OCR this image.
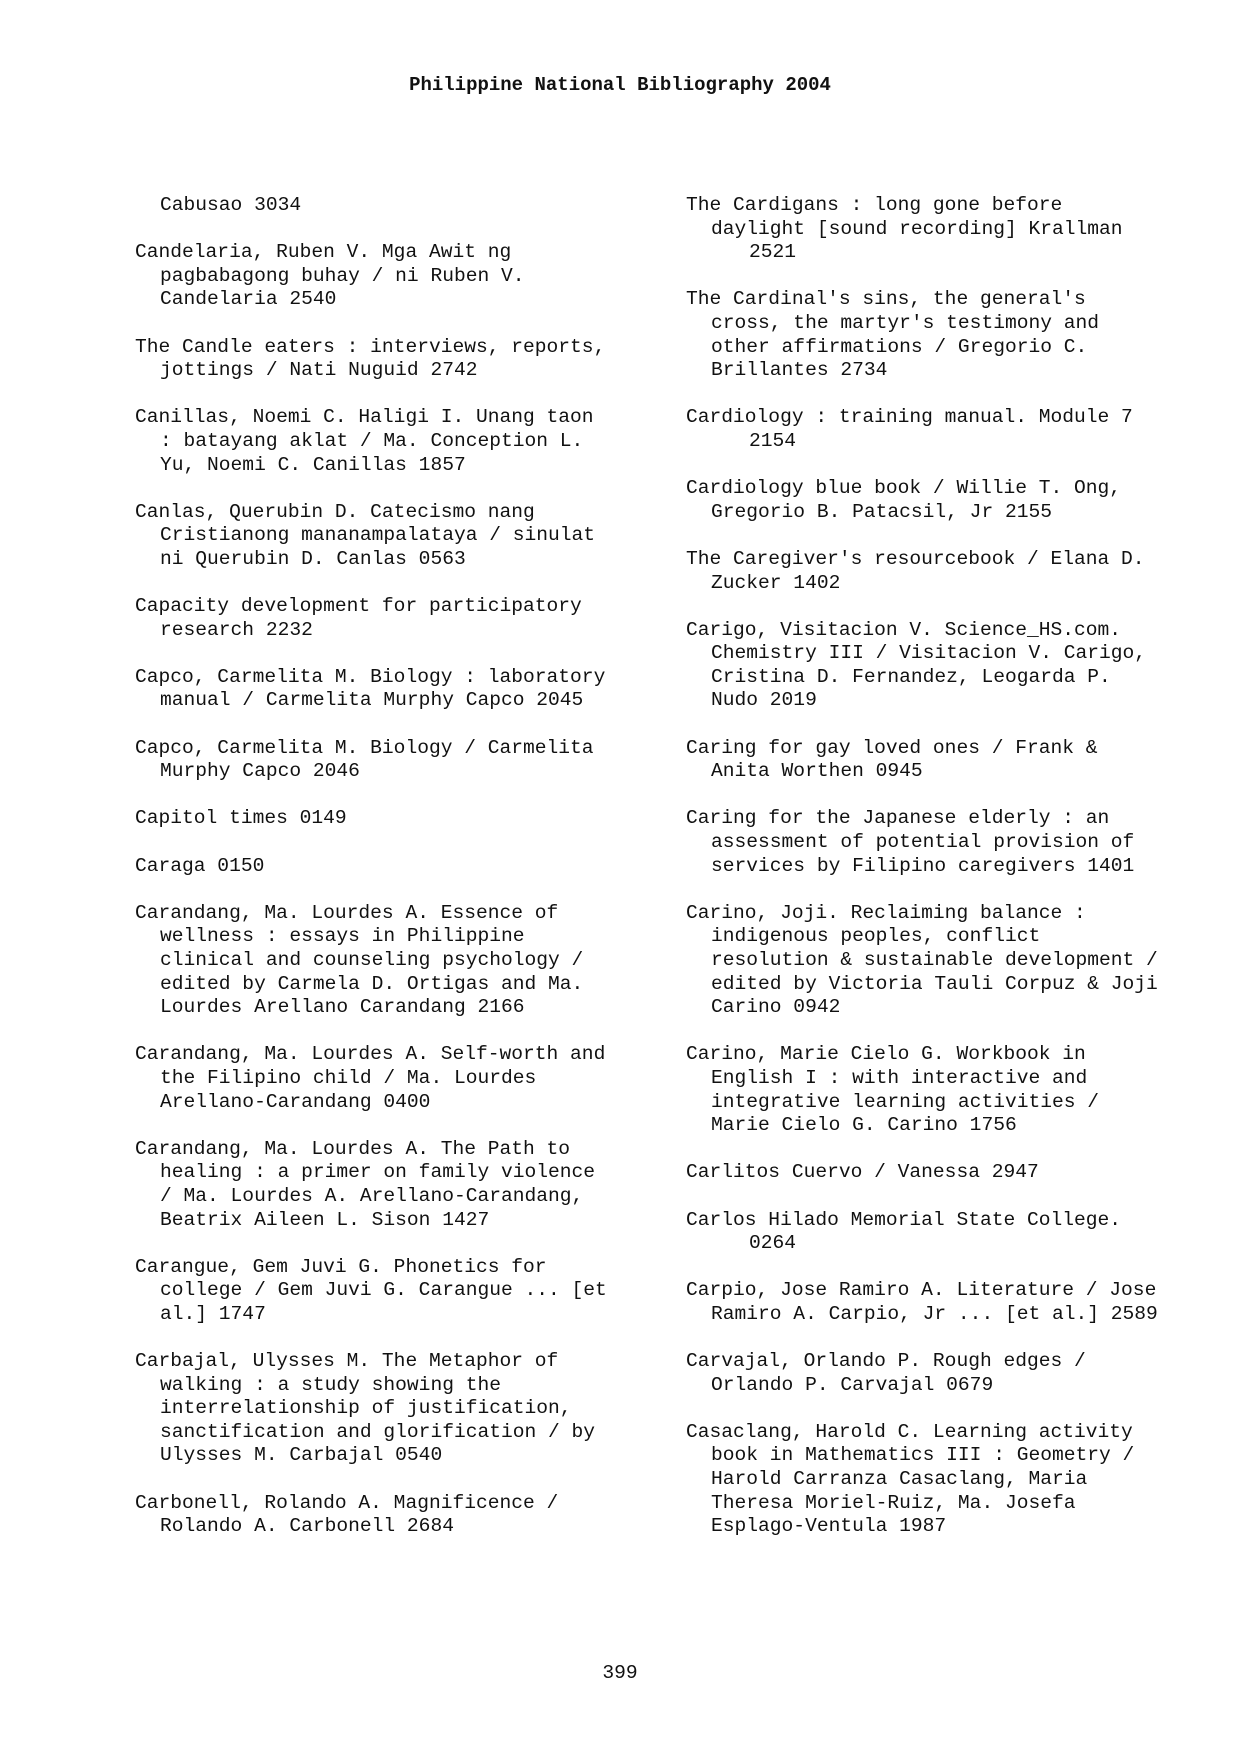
Philippine National Bibliography 2004
Cabusao 3034
Candelaria, Ruben V. Mga Awit ng
pagbabagong buhay / ni Ruben V.
Candelaria 2540
The Candle eaters : interviews, reports,
jottings / Nati Nuguid 2742
Canillas, Noemi C. Haligi I. Unang taon
: batayang aklat / Ma. Conception L.
Yu, Noemi C. Canillas 1857
Canlas, Querubin D. Catecismo nang
Cristianong mananampalataya / sinulat
ni Querubin D. Canlas 0563
Capacity development for participatory
research 2232
Capco, Carmelita M. Biology : laboratory
manual / Carmelita Murphy Capco 2045
Capco, Carmelita M. Biology / Carmelita
Murphy Capco 2046
Capitol times 0149
Caraga 0150
Carandang, Ma. Lourdes A. Essence of
wellness : essays in Philippine
clinical and counseling psychology /
edited by Carmela D. Ortigas and Ma.
Lourdes Arellano Carandang 2166
Carandang, Ma. Lourdes A. Self-worth and
the Filipino child / Ma. Lourdes
Arellano-Carandang 0400
Carandang, Ma. Lourdes A. The Path to
healing : a primer on family violence
/ Ma. Lourdes A. Arellano-Carandang,
Beatrix Aileen L. Sison 1427
Carangue, Gem Juvi G. Phonetics for
college / Gem Juvi G. Carangue ... [et
al.] 1747
Carbajal, Ulysses M. The Metaphor of
walking : a study showing the
interrelationship of justification,
sanctification and glorification / by
Ulysses M. Carbajal 0540
Carbonell, Rolando A. Magnificence /
Rolando A. Carbonell 2684
The Cardigans : long gone before
daylight [sound recording] Krallman
2521
The Cardinal's sins, the general's
cross, the martyr's testimony and
other affirmations / Gregorio C.
Brillantes 2734
Cardiology : training manual. Module 7
2154
Cardiology blue book / Willie T. Ong,
Gregorio B. Patacsil, Jr 2155
The Caregiver's resourcebook / Elana D.
Zucker 1402
Carigo, Visitacion V. Science_HS.com.
Chemistry III / Visitacion V. Carigo,
Cristina D. Fernandez, Leogarda P.
Nudo 2019
Caring for gay loved ones / Frank &
Anita Worthen 0945
Caring for the Japanese elderly : an
assessment of potential provision of
services by Filipino caregivers 1401
Carino, Joji. Reclaiming balance :
indigenous peoples, conflict
resolution & sustainable development /
edited by Victoria Tauli Corpuz & Joji
Carino 0942
Carino, Marie Cielo G. Workbook in
English I : with interactive and
integrative learning activities /
Marie Cielo G. Carino 1756
Carlitos Cuervo / Vanessa 2947
Carlos Hilado Memorial State College.
0264
Carpio, Jose Ramiro A. Literature / Jose
Ramiro A. Carpio, Jr ... [et al.] 2589
Carvajal, Orlando P. Rough edges /
Orlando P. Carvajal 0679
Casaclang, Harold C. Learning activity
book in Mathematics III : Geometry /
Harold Carranza Casaclang, Maria
Theresa Moriel-Ruiz, Ma. Josefa
Esplago-Ventula 1987
399
